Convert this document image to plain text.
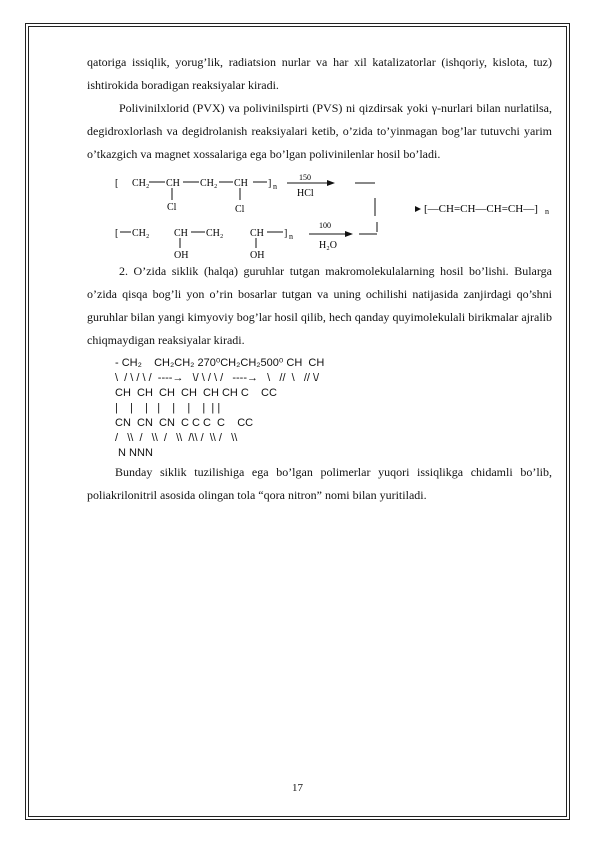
qatoriga issiqlik, yorug’lik, radiatsion nurlar va har xil katalizatorlar (ishqoriy, kislota, tuz) ishtirokida boradigan reaksiyalar kiradi.

Polivinilxlorid (PVX) va polivinilspirti (PVS) ni qizdirsak yoki γ-nurlari bilan nurlatilsa, degidroxlorlash va degidrolanish reaksiyalari ketib, o’zida to’yinmagan bog’lar tutuvchi yarim o’tkazgich va magnet xossalariga ega bo’lgan polivinilenlar hosil bo’ladi.

[ CH₂ CH CH₂ CH ] n
Cl	Cl
150
HCl
[ CH₂ CH CH₂	CH ] n
OH	OH
100
H₂O
[—CH=CH—CH=CH—] n

2. O’zida siklik (halqa) guruhlar tutgan makromolekulalarning hosil bo’lishi. Bularga o’zida qisqa bog’li yon o’rin bosarlar tutgan va uning ochilishi natijasida zanjirdagi qo’shni guruhlar bilan yangi kimyoviy bog’lar hosil qilib, hech qanday quyimolekulali birikmalar ajralib chiqmaydigan reaksiyalar kiradi.

- CH₂    CH₂CH₂ 270⁰CH₂CH₂500⁰ CH  CH

\  / \ / \ /  ----→   \/ \ / \ /   ----→   \   //  \   // \/

CH  CH  CH  CH  CH CH C    CC

|    |    |   |    |    |    |  | |

CN  CN  CN  C C C  C    CC

/   \\  /   \\  /   \\  /\\ /  \\ /   \\

N NNN

Bunday siklik tuzilishiga ega bo’lgan polimerlar yuqori issiqlikga chidamli bo’lib, poliakrilonitril asosida olingan tola “qora nitron” nomi bilan yuritiladi.

17
